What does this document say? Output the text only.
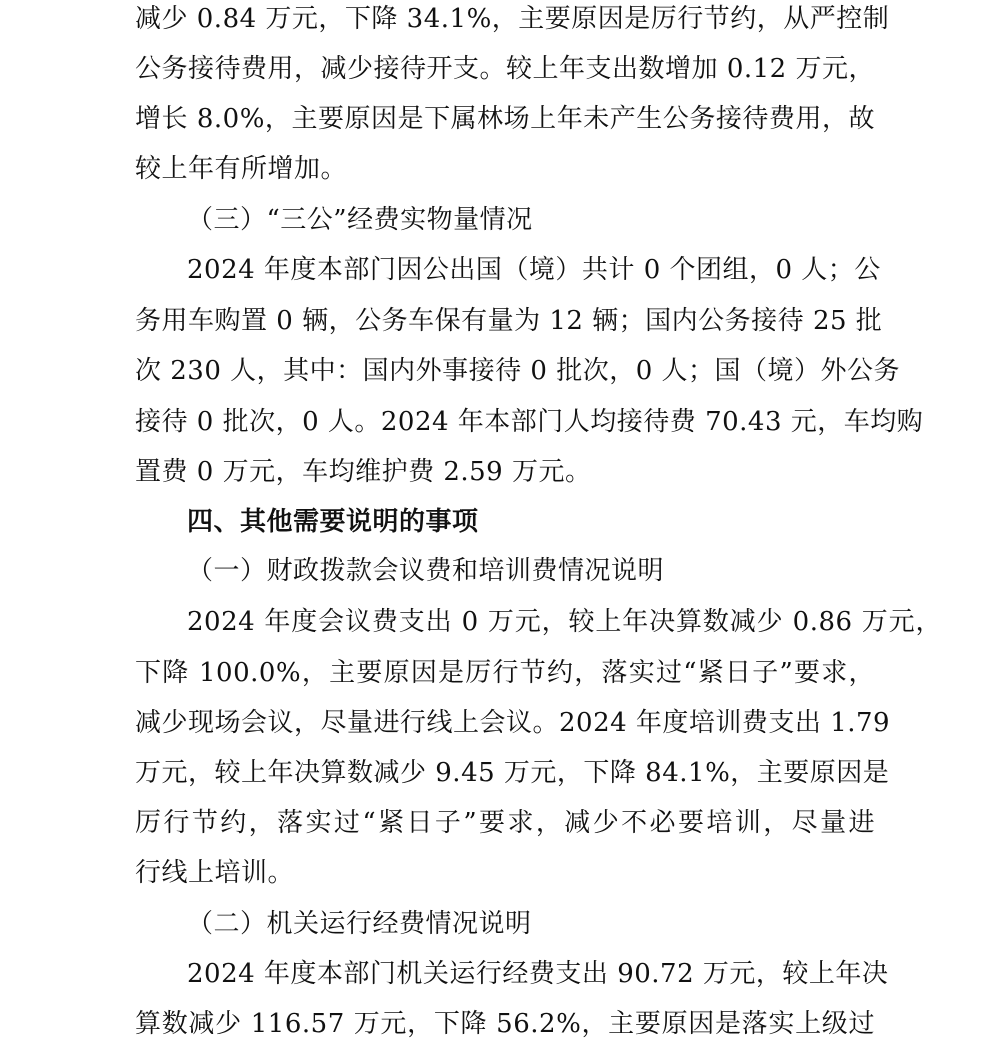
减少 0.84 万元，下降 34.1%，主要原因是厉行节约，从严控制
公务接待费用，减少接待开支。较上年支出数增加 0.12 万元，
增长 8.0%，主要原因是下属林场上年未产生公务接待费用，故
较上年有所增加。
（三）“三公”经费实物量情况
2024 年度本部门因公出国（境）共计 0 个团组，0 人；公
务用车购置 0 辆，公务车保有量为 12 辆；国内公务接待 25 批
次 230 人，其中：国内外事接待 0 批次，0 人；国（境）外公务
接待 0 批次，0 人。2024 年本部门人均接待费 70.43 元，车均购
置费 0 万元，车均维护费 2.59 万元。
四、其他需要说明的事项
（一）财政拨款会议费和培训费情况说明
2024 年度会议费支出 0 万元，较上年决算数减少 0.86 万元，
下降 100.0%，主要原因是厉行节约，落实过“紧日子”要求，
减少现场会议，尽量进行线上会议。2024 年度培训费支出 1.79
万元，较上年决算数减少 9.45 万元，下降 84.1%，主要原因是
厉行节约，落实过“紧日子”要求，减少不必要培训，尽量进
行线上培训。
（二）机关运行经费情况说明
2024 年度本部门机关运行经费支出 90.72 万元，较上年决
算数减少 116.57 万元，下降 56.2%，主要原因是落实上级过
